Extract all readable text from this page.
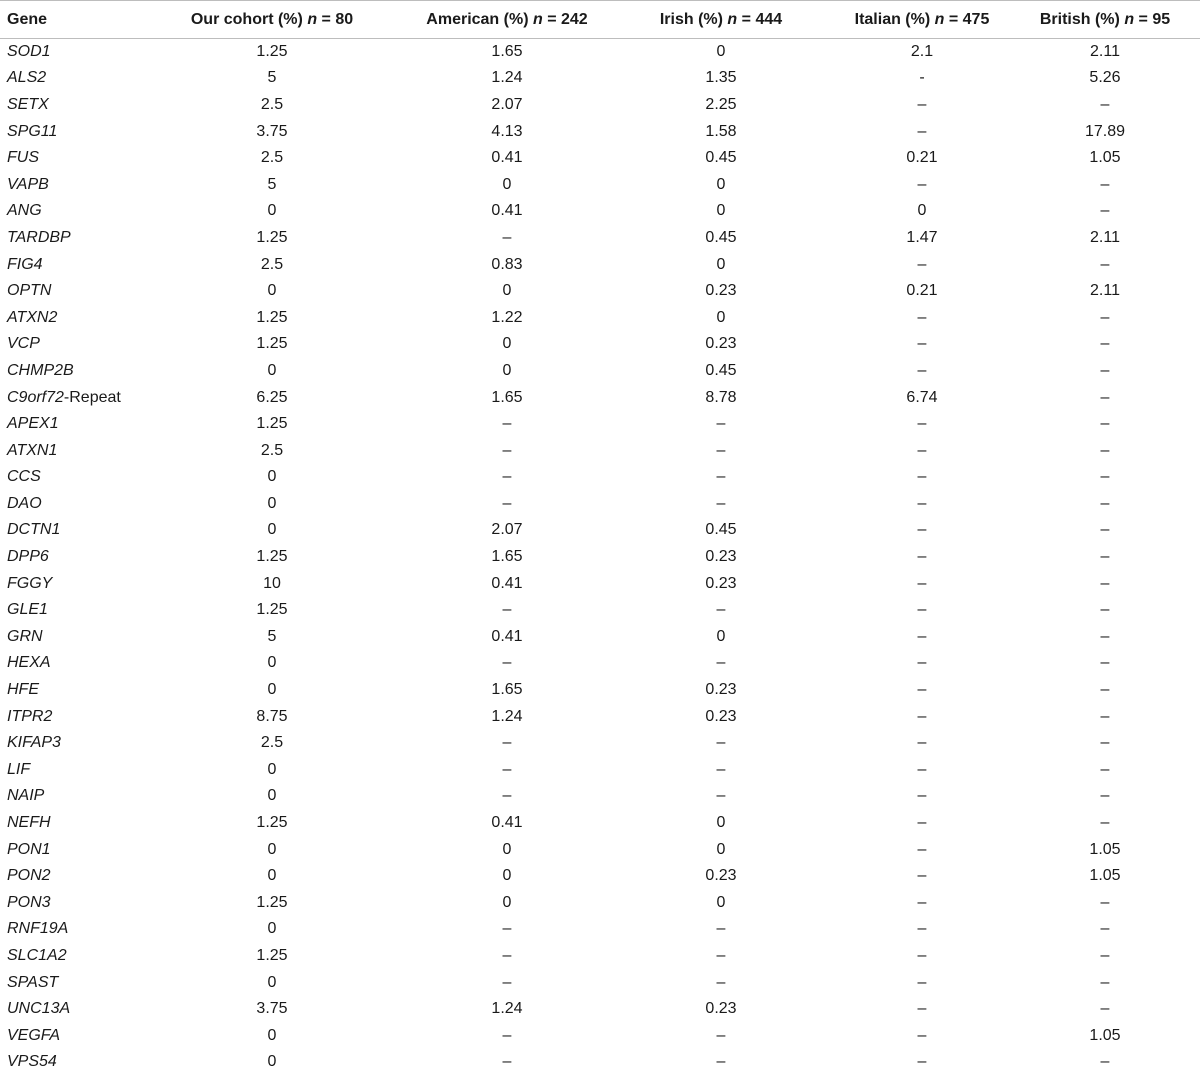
Gene	Our cohort (%) n = 80	American (%) n = 242	Irish (%) n = 444	Italian (%) n = 475	British (%) n = 95
SOD1	1.25	1.65	0	2.1	2.11
ALS2	5	1.24	1.35	-	5.26
SETX	2.5	2.07	2.25	–	–
SPG11	3.75	4.13	1.58	–	17.89
FUS	2.5	0.41	0.45	0.21	1.05
VAPB	5	0	0	–	–
ANG	0	0.41	0	0	–
TARDBP	1.25	–	0.45	1.47	2.11
FIG4	2.5	0.83	0	–	–
OPTN	0	0	0.23	0.21	2.11
ATXN2	1.25	1.22	0	–	–
VCP	1.25	0	0.23	–	–
CHMP2B	0	0	0.45	–	–
C9orf72-Repeat	6.25	1.65	8.78	6.74	–
APEX1	1.25	–	–	–	–
ATXN1	2.5	–	–	–	–
CCS	0	–	–	–	–
DAO	0	–	–	–	–
DCTN1	0	2.07	0.45	–	–
DPP6	1.25	1.65	0.23	–	–
FGGY	10	0.41	0.23	–	–
GLE1	1.25	–	–	–	–
GRN	5	0.41	0	–	–
HEXA	0	–	–	–	–
HFE	0	1.65	0.23	–	–
ITPR2	8.75	1.24	0.23	–	–
KIFAP3	2.5	–	–	–	–
LIF	0	–	–	–	–
NAIP	0	–	–	–	–
NEFH	1.25	0.41	0	–	–
PON1	0	0	0	–	1.05
PON2	0	0	0.23	–	1.05
PON3	1.25	0	0	–	–
RNF19A	0	–	–	–	–
SLC1A2	1.25	–	–	–	–
SPAST	0	–	–	–	–
UNC13A	3.75	1.24	0.23	–	–
VEGFA	0	–	–	–	1.05
VPS54	0	–	–	–	–
